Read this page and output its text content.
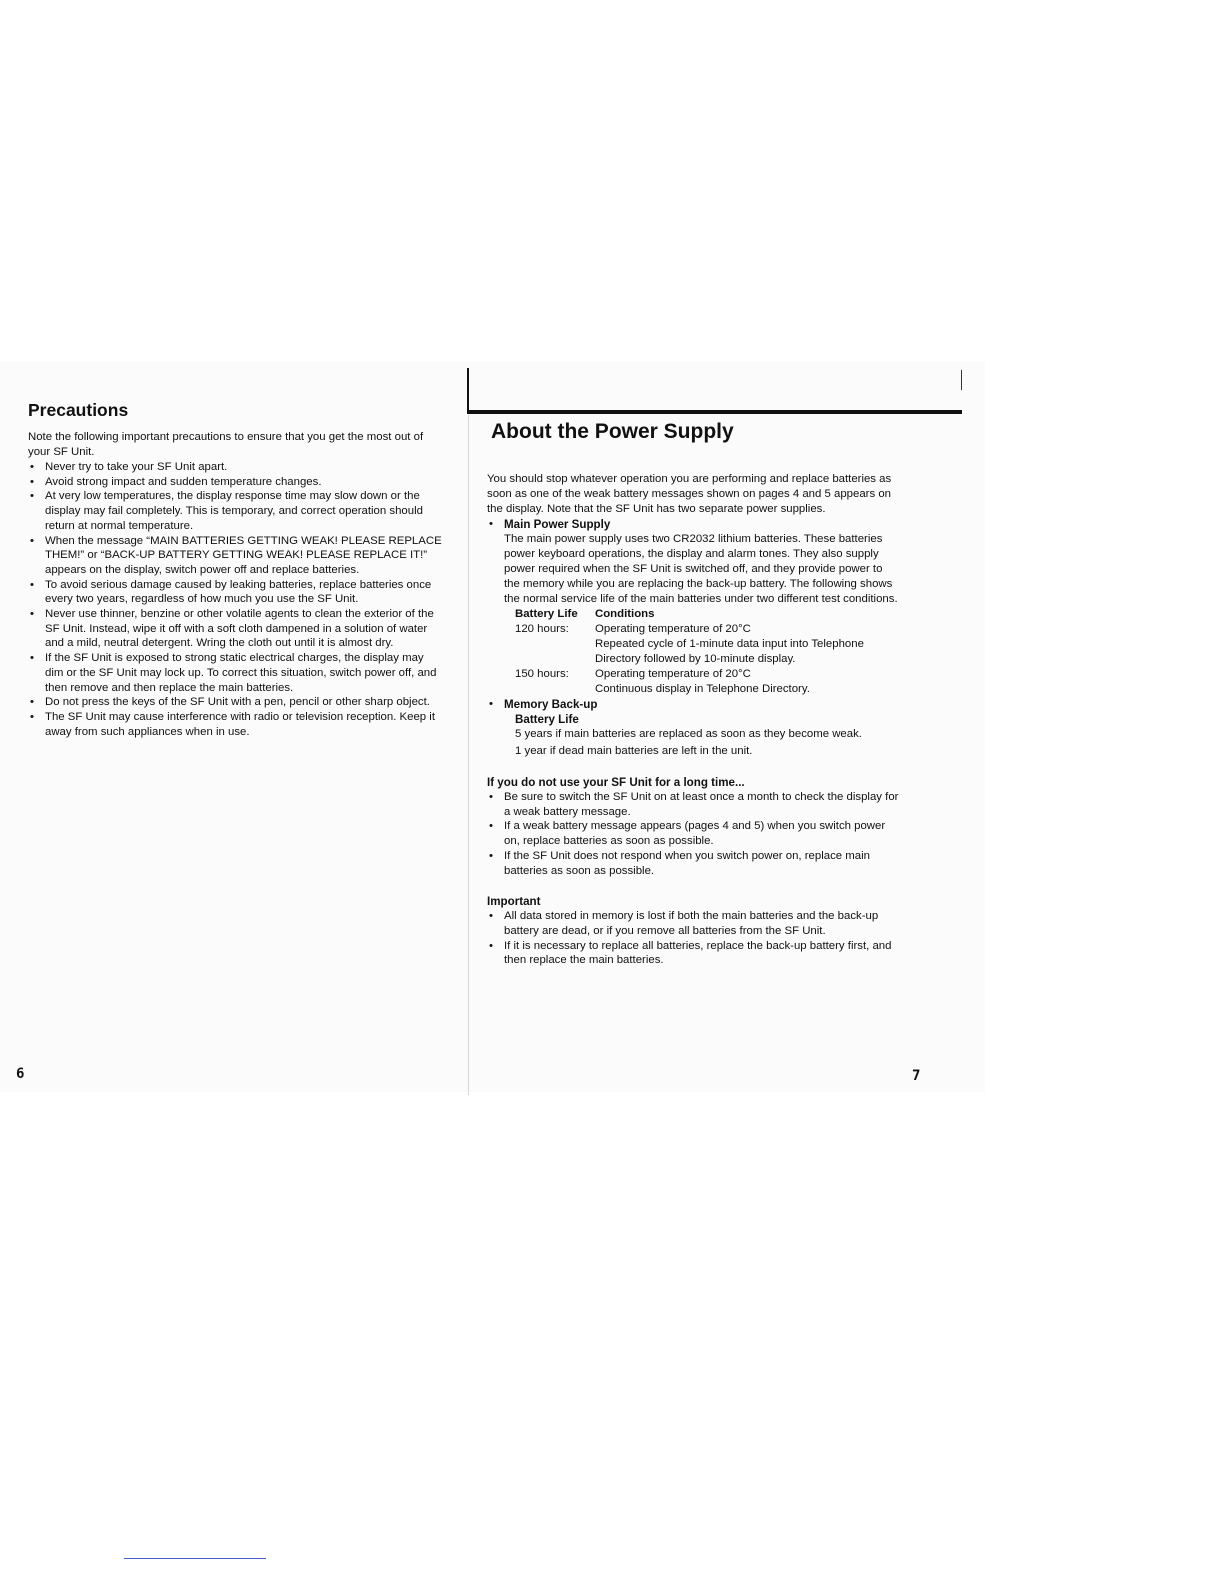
Precautions

Note the following important precautions to ensure that you get the most out of your SF Unit.

• Never try to take your SF Unit apart.
• Avoid strong impact and sudden temperature changes.
• At very low temperatures, the display response time may slow down or the display may fail completely. This is temporary, and correct operation should return at normal temperature.
• When the message “MAIN BATTERIES GETTING WEAK! PLEASE REPLACE THEM!” or “BACK-UP BATTERY GETTING WEAK! PLEASE REPLACE IT!” appears on the display, switch power off and replace batteries.
• To avoid serious damage caused by leaking batteries, replace batteries once every two years, regardless of how much you use the SF Unit.
• Never use thinner, benzine or other volatile agents to clean the exterior of the SF Unit. Instead, wipe it off with a soft cloth dampened in a solution of water and a mild, neutral detergent. Wring the cloth out until it is almost dry.
• If the SF Unit is exposed to strong static electrical charges, the display may dim or the SF Unit may lock up. To correct this situation, switch power off, and then remove and then replace the main batteries.
• Do not press the keys of the SF Unit with a pen, pencil or other sharp object.
• The SF Unit may cause interference with radio or television reception. Keep it away from such appliances when in use.
6
About the Power Supply

You should stop whatever operation you are performing and replace batteries as soon as one of the weak battery messages shown on pages 4 and 5 appears on the display. Note that the SF Unit has two separate power supplies.

• Main Power Supply

The main power supply uses two CR2032 lithium batteries. These batteries power keyboard operations, the display and alarm tones. They also supply power required when the SF Unit is switched off, and they provide power to the memory while you are replacing the back-up battery. The following shows the normal service life of the main batteries under two different test conditions.

Battery Life	Conditions
120 hours:	Operating temperature of 20°C
Repeated cycle of 1-minute data input into Telephone Directory followed by 10-minute display.

150 hours:	Operating temperature of 20°C
Continuous display in Telephone Directory.
• Memory Back-up
Battery Life
5 years if main batteries are replaced as soon as they become weak.
1 year if dead main batteries are left in the unit.
If you do not use your SF Unit for a long time...
• Be sure to switch the SF Unit on at least once a month to check the display for a weak battery message.
• If a weak battery message appears (pages 4 and 5) when you switch power on, replace batteries as soon as possible.
• If the SF Unit does not respond when you switch power on, replace main batteries as soon as possible.
Important
• All data stored in memory is lost if both the main batteries and the back-up battery are dead, or if you remove all batteries from the SF Unit.
• If it is necessary to replace all batteries, replace the back-up battery first, and then replace the main batteries.
7
